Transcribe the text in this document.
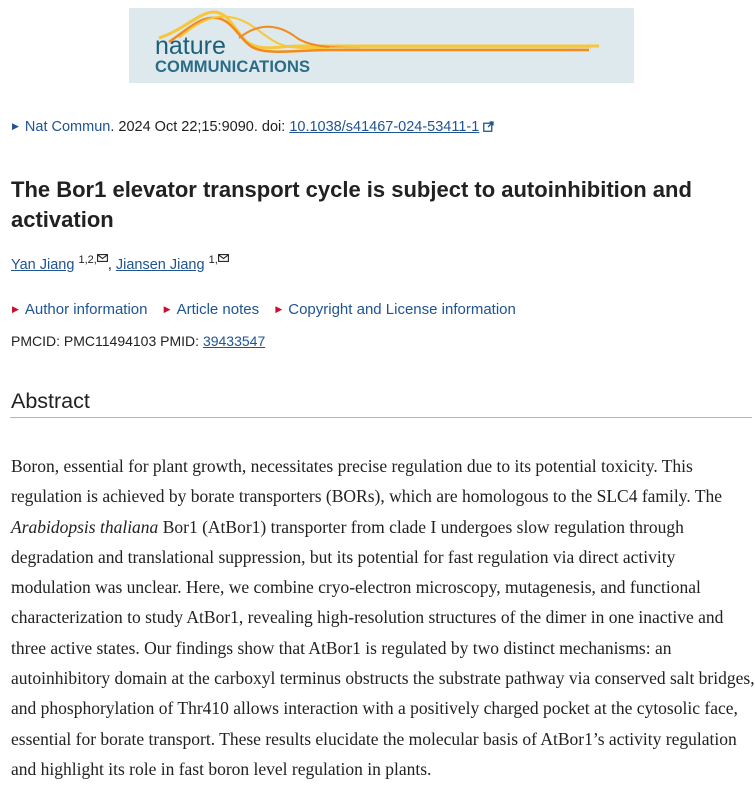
nature
COMMUNICATIONS
▶ Nat Commun. 2024 Oct 22;15:9090. doi: 10.1038/s41467-024-53411-1
The Bor1 elevator transport cycle is subject to autoinhibition and activation
Yan Jiang $^{1,2,}$ , Jiansen Jiang $^{1,}$
▶ Author information ▶ Article notes ▶ Copyright and License information
PMCID: PMC11494103 PMID: 39433547
Abstract

Boron, essential for plant growth, necessitates precise regulation due to its potential toxicity. This regulation is achieved by borate transporters (BORs), which are homologous to the SLC4 family. The Arabidopsis thaliana Bor1 (AtBor1) transporter from clade I undergoes slow regulation through degradation and translational suppression, but its potential for fast regulation via direct activity modulation was unclear. Here, we combine cryo-electron microscopy, mutagenesis, and functional characterization to study AtBor1, revealing high-resolution structures of the dimer in one inactive and three active states. Our findings show that AtBor1 is regulated by two distinct mechanisms: an autoinhibitory domain at the carboxyl terminus obstructs the substrate pathway via conserved salt bridges, and phosphorylation of Thr410 allows interaction with a positively charged pocket at the cytosolic face, essential for borate transport. These results elucidate the molecular basis of AtBor1’s activity regulation and highlight its role in fast boron level regulation in plants.
